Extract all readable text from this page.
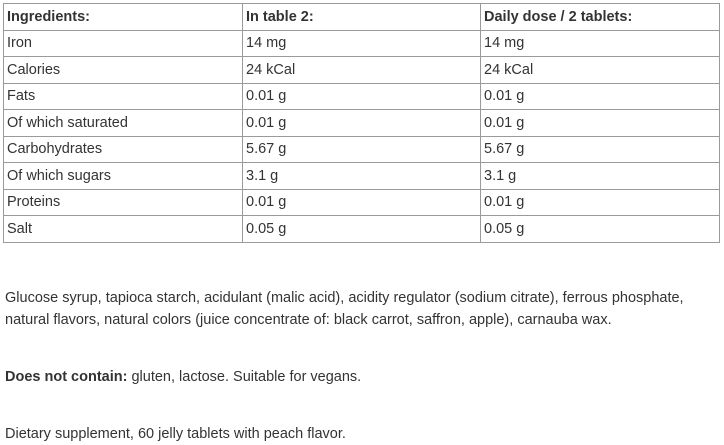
Ingredients:	In table 2:	Daily dose / 2 tablets:
Iron	14 mg	14 mg
Calories	24 kCal	24 kCal
Fats	0.01 g	0.01 g
Of which saturated	0.01 g	0.01 g
Carbohydrates	5.67 g	5.67 g
Of which sugars	3.1 g	3.1 g
Proteins	0.01 g	0.01 g
Salt	0.05 g	0.05 g

Glucose syrup, tapioca starch, acidulant (malic acid), acidity regulator (sodium citrate), ferrous phosphate, natural flavors, natural colors (juice concentrate of: black carrot, saffron, apple), carnauba wax.

Does not contain: gluten, lactose. Suitable for vegans.

Dietary supplement, 60 jelly tablets with peach flavor.
